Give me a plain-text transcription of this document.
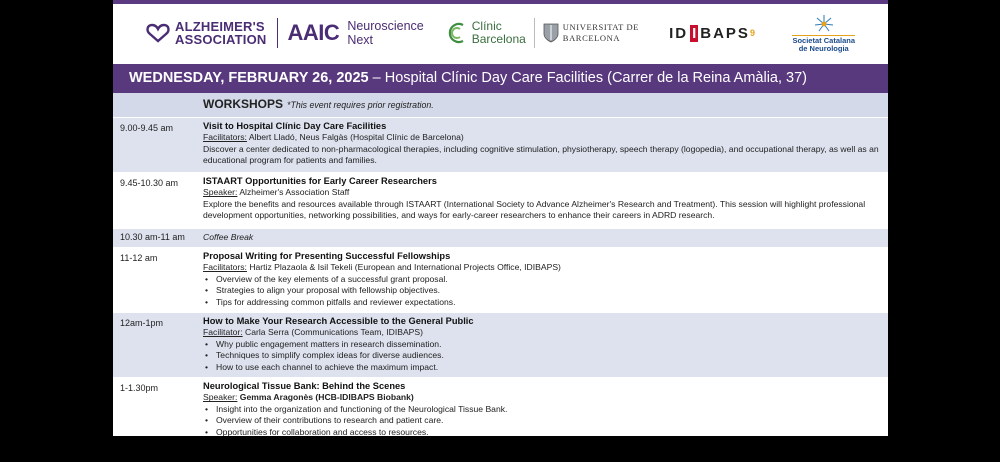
ALZHEIMER'S
ASSOCIATION AAIC Neuroscience
Next
Clínic
Barcelona
UNIVERSITAT DE
BARCELONA	ID I BAPS 9
Societat Catalana
de Neurologia
WEDNESDAY, FEBRUARY 26, 2025 – Hospital Clínic Day Care Facilities (Carrer de la Reina Amàlia, 37)
WORKSHOPS *This event requires prior registration.
9.00-9.45 am	Visit to Hospital Clínic Day Care Facilities
Facilitators: Albert Lladó, Neus Falgàs (Hospital Clínic de Barcelona)
Discover a center dedicated to non-pharmacological therapies, including cognitive stimulation, physiotherapy, speech therapy (logopedia), and occupational therapy, as well as an educational program for patients and families.
9.45-10.30 am	ISTAART Opportunities for Early Career Researchers
Speaker: Alzheimer's Association Staff
Explore the benefits and resources available through ISTAART (International Society to Advance Alzheimer's Research and Treatment). This session will highlight professional development opportunities, networking possibilities, and ways for early-career researchers to enhance their careers in ADRD research.
10.30 am-11 am	Coffee Break
11-12 am	Proposal Writing for Presenting Successful Fellowships
Facilitators: Hartiz Plazaola & Isil Tekeli (European and International Projects Office, IDIBAPS)
• Overview of the key elements of a successful grant proposal.
• Strategies to align your proposal with fellowship objectives.
• Tips for addressing common pitfalls and reviewer expectations.
12am-1pm	How to Make Your Research Accessible to the General Public
Facilitator: Carla Serra (Communications Team, IDIBAPS)
• Why public engagement matters in research dissemination.
• Techniques to simplify complex ideas for diverse audiences.
• How to use each channel to achieve the maximum impact.
1-1.30pm	Neurological Tissue Bank: Behind the Scenes
Speaker: Gemma Aragonès (HCB-IDIBAPS Biobank)
• Insight into the organization and functioning of the Neurological Tissue Bank.
• Overview of their contributions to research and patient care.
• Opportunities for collaboration and access to resources.
